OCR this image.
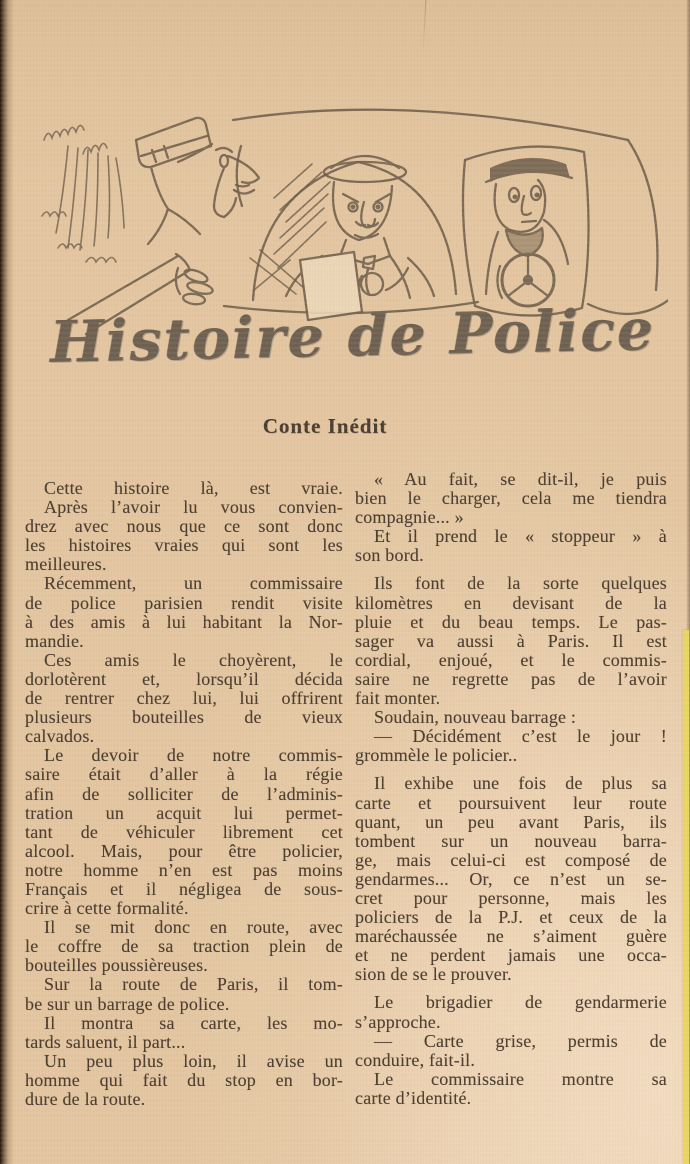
Histoire de Police
Conte Inédit
Cette histoire là, est vraie.
Après l’avoir lu vous convien-
drez avec nous que ce sont donc
les histoires vraies qui sont les
meilleures.
Récemment, un commissaire
de police parisien rendit visite
à des amis à lui habitant la Nor-
mandie.
Ces amis le choyèrent, le
dorlotèrent et, lorsqu’il décida
de rentrer chez lui, lui offrirent
plusieurs bouteilles de vieux
calvados.
Le devoir de notre commis-
saire était d’aller à la régie
afin de solliciter de l’adminis-
tration un acquit lui permet-
tant de véhiculer librement cet
alcool. Mais, pour être policier,
notre homme n’en est pas moins
Français et il négligea de sous-
crire à cette formalité.
Il se mit donc en route, avec
le coffre de sa traction plein de
bouteilles poussièreuses.
Sur la route de Paris, il tom-
be sur un barrage de police.
Il montra sa carte, les mo-
tards saluent, il part...
Un peu plus loin, il avise un
homme qui fait du stop en bor-
dure de la route.
« Au fait, se dit-il, je puis
bien le charger, cela me tiendra
compagnie... »
Et il prend le « stoppeur » à
son bord.
Ils font de la sorte quelques
kilomètres en devisant de la
pluie et du beau temps. Le pas-
sager va aussi à Paris. Il est
cordial, enjoué, et le commis-
saire ne regrette pas de l’avoir
fait monter.
Soudain, nouveau barrage :
— Décidément c’est le jour !
grommèle le policier..
Il exhibe une fois de plus sa
carte et poursuivent leur route
quant, un peu avant Paris, ils
tombent sur un nouveau barra-
ge, mais celui-ci est composé de
gendarmes... Or, ce n’est un se-
cret pour personne, mais les
policiers de la P.J. et ceux de la
maréchaussée ne s’aiment guère
et ne perdent jamais une occa-
sion de se le prouver.
Le brigadier de gendarmerie
s’approche.
— Carte grise, permis de
conduire, fait-il.
Le commissaire montre sa
carte d’identité.
